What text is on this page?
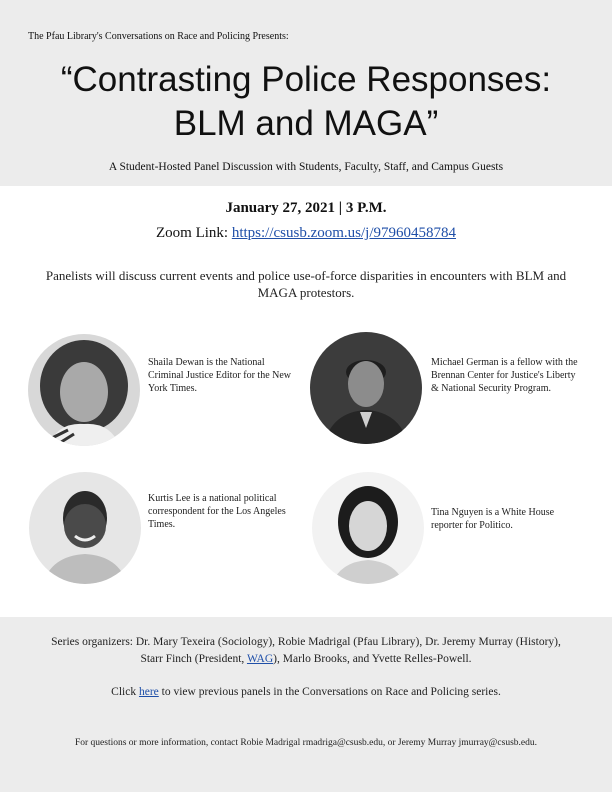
The Pfau Library's Conversations on Race and Policing Presents:
“Contrasting Police Responses:
BLM and MAGA”
A Student-Hosted Panel Discussion with Students, Faculty, Staff, and Campus Guests
January 27, 2021 | 3 P.M.
Zoom Link: https://csusb.zoom.us/j/97960458784
Panelists will discuss current events and police use-of-force disparities in encounters with BLM and MAGA protestors.
Shaila Dewan is the National Criminal Justice Editor for the New York Times.
Michael German is a fellow with the Brennan Center for Justice's Liberty & National Security Program.
Kurtis Lee is a national political correspondent for the Los Angeles Times.
Tina Nguyen is a White House reporter for Politico.
Series organizers: Dr. Mary Texeira (Sociology), Robie Madrigal (Pfau Library), Dr. Jeremy Murray (History), Starr Finch (President, WAG), Marlo Brooks, and Yvette Relles-Powell.
Click here to view previous panels in the Conversations on Race and Policing series.
For questions or more information, contact Robie Madrigal rmadriga@csusb.edu, or Jeremy Murray jmurray@csusb.edu.
